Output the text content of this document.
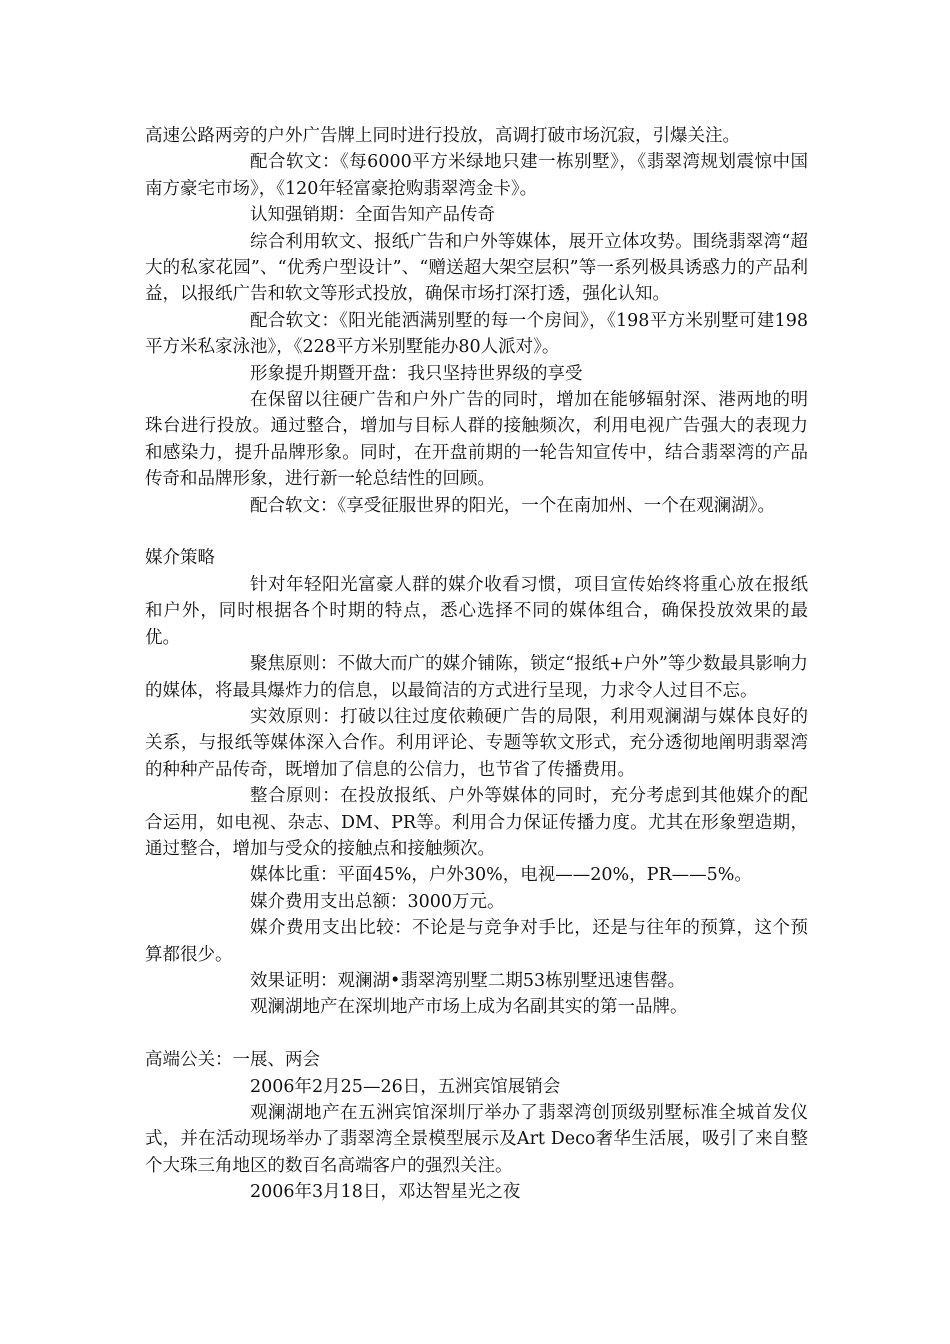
高速公路两旁的户外广告牌上同时进行投放，高调打破市场沉寂，引爆关注。

配合软文：《每6000平方米绿地只建一栋别墅》，《翡翠湾规划震惊中国南方豪宅市场》，《120年轻富豪抢购翡翠湾金卡》。

认知强销期：全面告知产品传奇

综合利用软文、报纸广告和户外等媒体，展开立体攻势。围绕翡翠湾“超大的私家花园”、“优秀户型设计”、“赠送超大架空层积”等一系列极具诱惑力的产品利益，以报纸广告和软文等形式投放，确保市场打深打透，强化认知。

配合软文：《阳光能洒满别墅的每一个房间》，《198平方米别墅可建198平方米私家泳池》，《228平方米别墅能办80人派对》。

形象提升期暨开盘：我只坚持世界级的享受

在保留以往硬广告和户外广告的同时，增加在能够辐射深、港两地的明珠台进行投放。通过整合，增加与目标人群的接触频次，利用电视广告强大的表现力和感染力，提升品牌形象。同时，在开盘前期的一轮告知宣传中，结合翡翠湾的产品传奇和品牌形象，进行新一轮总结性的回顾。

配合软文：《享受征服世界的阳光，一个在南加州、一个在观澜湖》。

媒介策略

针对年轻阳光富豪人群的媒介收看习惯，项目宣传始终将重心放在报纸和户外，同时根据各个时期的特点，悉心选择不同的媒体组合，确保投放效果的最优。

聚焦原则：不做大而广的媒介铺陈，锁定“报纸+户外”等少数最具影响力的媒体，将最具爆炸力的信息，以最简洁的方式进行呈现，力求令人过目不忘。

实效原则：打破以往过度依赖硬广告的局限，利用观澜湖与媒体良好的关系，与报纸等媒体深入合作。利用评论、专题等软文形式，充分透彻地阐明翡翠湾的种种产品传奇，既增加了信息的公信力，也节省了传播费用。

整合原则：在投放报纸、户外等媒体的同时，充分考虑到其他媒介的配合运用，如电视、杂志、DM、PR等。利用合力保证传播力度。尤其在形象塑造期，通过整合，增加与受众的接触点和接触频次。

媒体比重：平面45%，户外30%，电视——20%，PR——5%。

媒介费用支出总额：3000万元。

媒介费用支出比较：不论是与竞争对手比，还是与往年的预算，这个预算都很少。

效果证明：观澜湖•翡翠湾别墅二期53栋别墅迅速售罄。

观澜湖地产在深圳地产市场上成为名副其实的第一品牌。

高端公关：一展、两会

2006年2月25—26日，五洲宾馆展销会

观澜湖地产在五洲宾馆深圳厅举办了翡翠湾创顶级别墅标准全城首发仪式，并在活动现场举办了翡翠湾全景模型展示及Art Deco奢华生活展，吸引了来自整个大珠三角地区的数百名高端客户的强烈关注。

2006年3月18日，邓达智星光之夜
